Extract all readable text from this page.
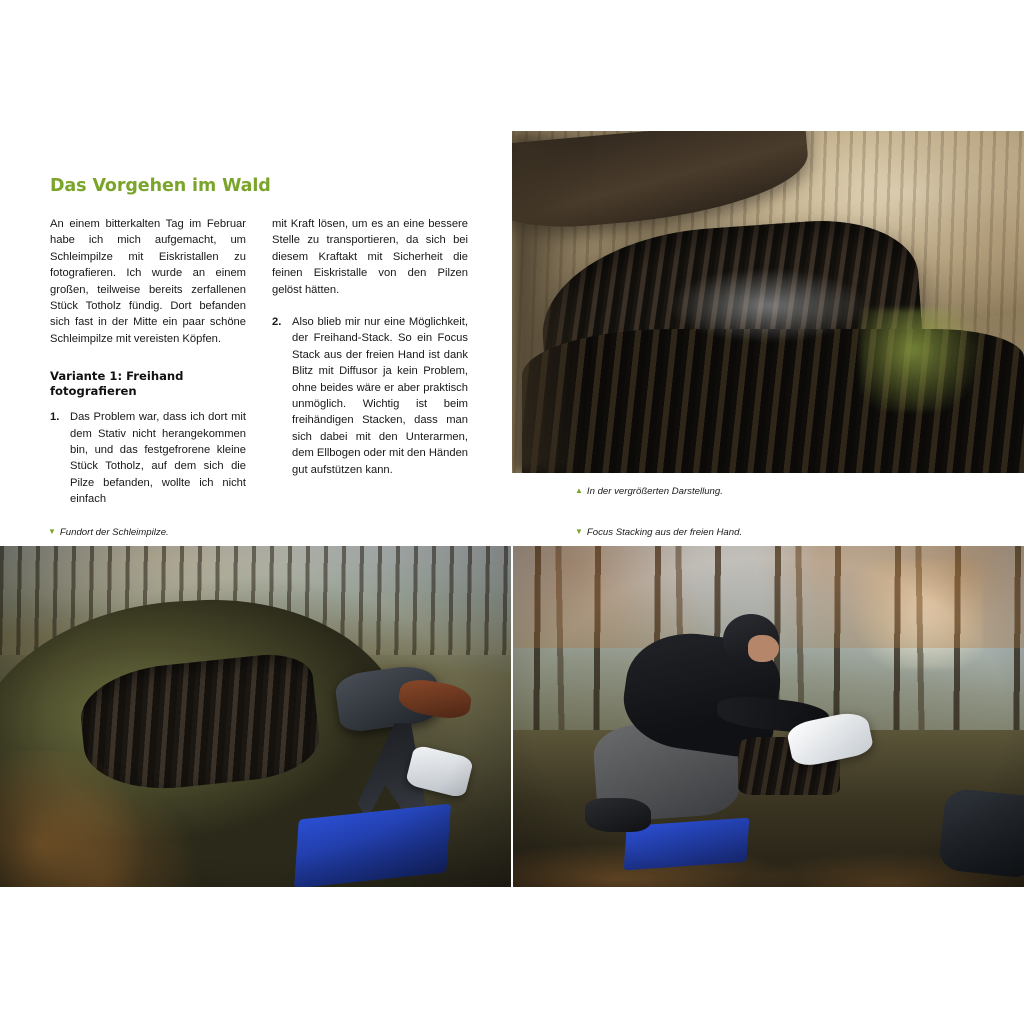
Das Vorgehen im Wald

An einem bitterkalten Tag im Februar habe ich mich aufgemacht, um Schleimpilze mit Eiskristallen zu fotografieren. Ich wurde an einem großen, teilweise bereits zerfallenen Stück Totholz fündig. Dort befanden sich fast in der Mitte ein paar schöne Schleimpilze mit vereisten Köpfen.

Variante 1: Freihand fotografieren
Das Problem war, dass ich dort mit dem Stativ nicht herangekommen bin, und das festgefrorene kleine Stück Totholz, auf dem sich die Pilze befanden, wollte ich nicht einfach

mit Kraft lösen, um es an eine bessere Stelle zu transportieren, da sich bei diesem Kraftakt mit Sicherheit die feinen Eiskristalle von den Pilzen gelöst hätten.

Also blieb mir nur eine Möglichkeit, der Freihand-Stack. So ein Focus Stack aus der freien Hand ist dank Blitz mit Diffusor ja kein Problem, ohne beides wäre er aber praktisch unmöglich. Wichtig ist beim freihändigen Stacken, dass man sich dabei mit den Unterarmen, dem Ellbogen oder mit den Händen gut aufstützen kann.
▲ In der vergrößerten Darstellung.
▼ Fundort der Schleimpilze.	▼ Focus Stacking aus der freien Hand.
